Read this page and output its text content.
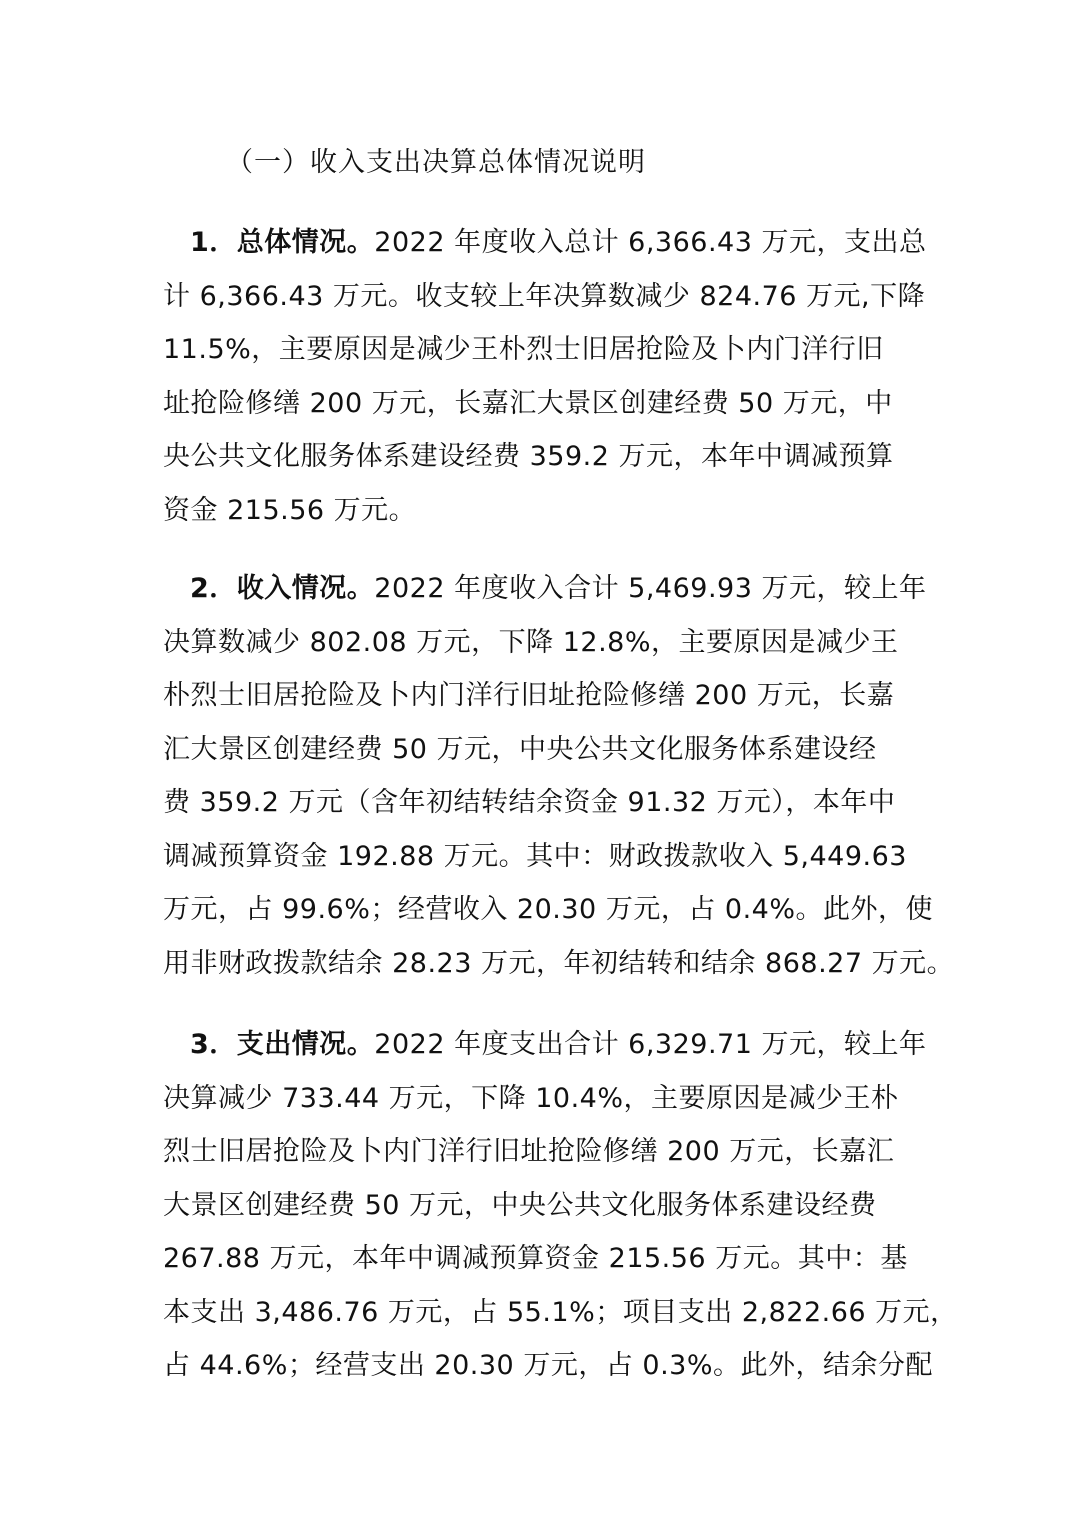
（一）收入支出决算总体情况说明
1．总体情况。2022 年度收入总计 6,366.43 万元，支出总
计 6,366.43 万元。收支较上年决算数减少 824.76 万元,下降
11.5%，主要原因是减少王朴烈士旧居抢险及卜内门洋行旧
址抢险修缮 200 万元，长嘉汇大景区创建经费 50 万元，中
央公共文化服务体系建设经费 359.2 万元，本年中调减预算
资金 215.56 万元。
2．收入情况。2022 年度收入合计 5,469.93 万元，较上年
决算数减少 802.08 万元，下降 12.8%，主要原因是减少王
朴烈士旧居抢险及卜内门洋行旧址抢险修缮 200 万元，长嘉
汇大景区创建经费 50 万元，中央公共文化服务体系建设经
费 359.2 万元（含年初结转结余资金 91.32 万元），本年中
调减预算资金 192.88 万元。其中：财政拨款收入 5,449.63
万元，占 99.6%；经营收入 20.30 万元，占 0.4%。此外，使
用非财政拨款结余 28.23 万元，年初结转和结余 868.27 万元。
3．支出情况。2022 年度支出合计 6,329.71 万元，较上年
决算减少 733.44 万元，下降 10.4%，主要原因是减少王朴
烈士旧居抢险及卜内门洋行旧址抢险修缮 200 万元，长嘉汇
大景区创建经费 50 万元，中央公共文化服务体系建设经费
267.88 万元，本年中调减预算资金 215.56 万元。其中：基
本支出 3,486.76 万元，占 55.1%；项目支出 2,822.66 万元，
占 44.6%；经营支出 20.30 万元，占 0.3%。此外，结余分配
